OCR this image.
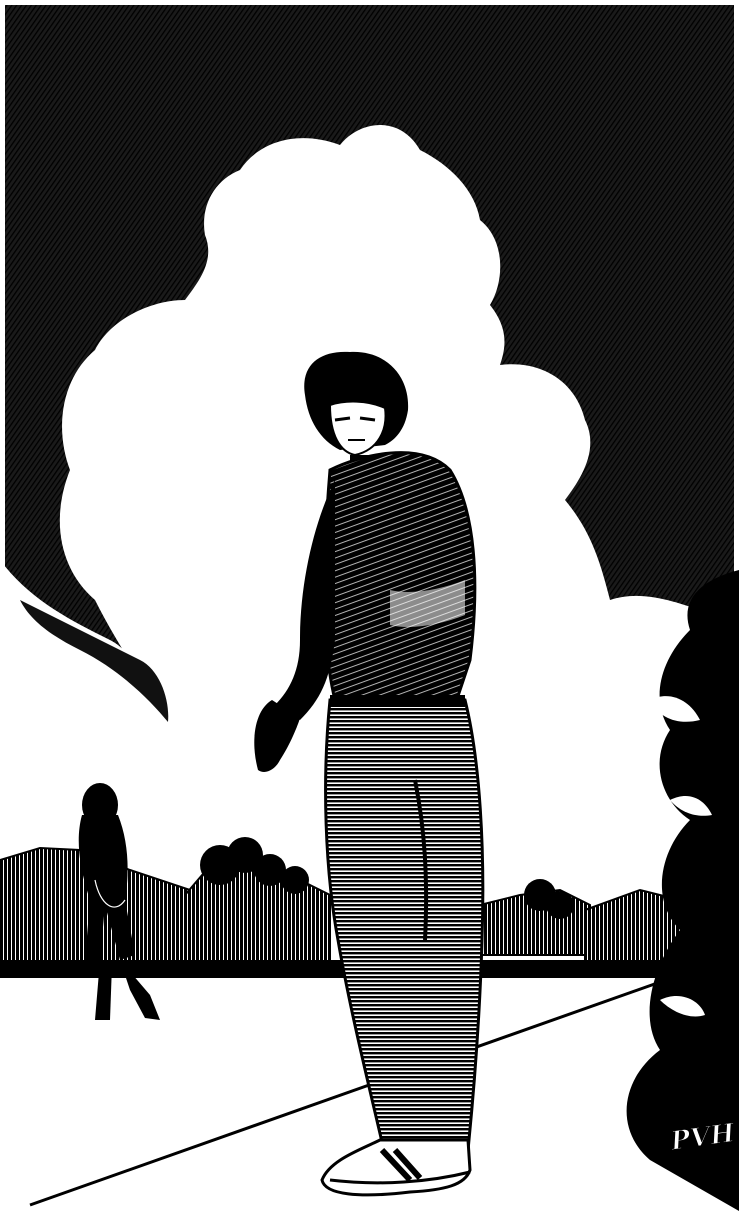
PVH
